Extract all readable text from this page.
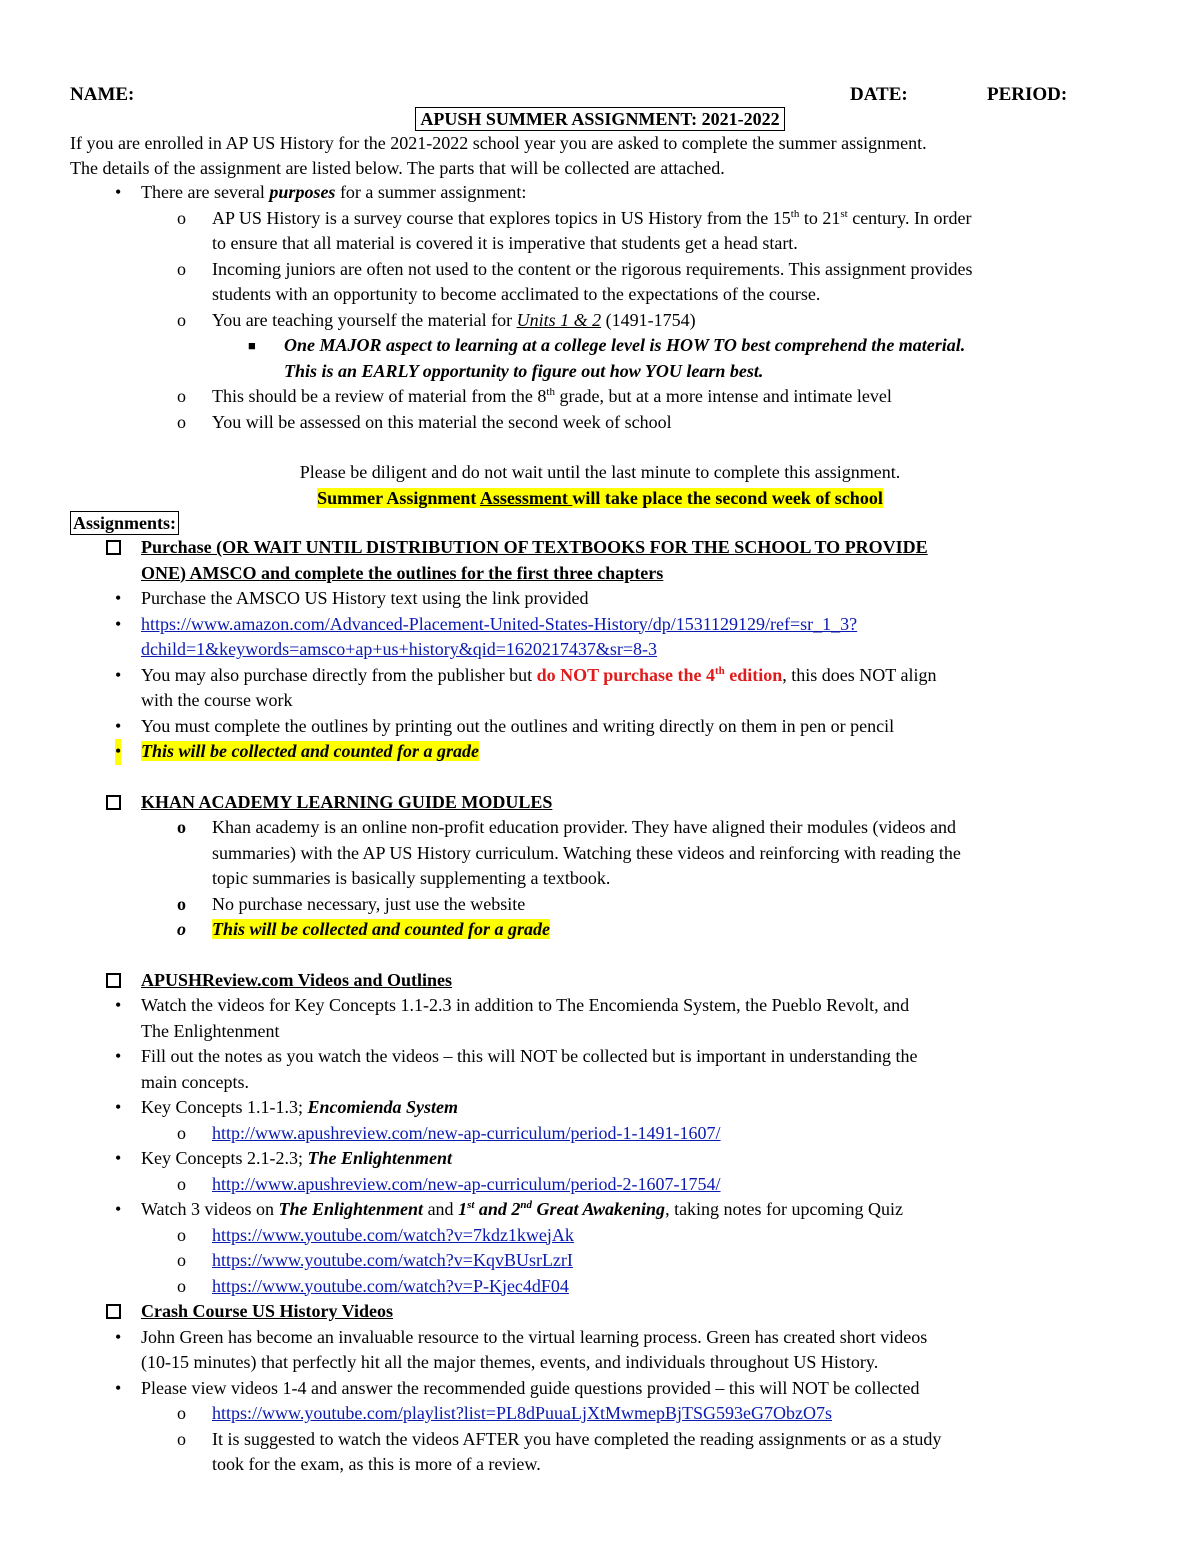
NAME:	DATE:	PERIOD:
APUSH SUMMER ASSIGNMENT: 2021-2022

If you are enrolled in AP US History for the 2021-2022 school year you are asked to complete the summer assignment.

The details of the assignment are listed below. The parts that will be collected are attached.

•
There are several purposes for a summer assignment:
o
AP US History is a survey course that explores topics in US History from the 15th to 21st century. In order
to ensure that all material is covered it is imperative that students get a head start.
o
Incoming juniors are often not used to the content or the rigorous requirements. This assignment provides
students with an opportunity to become acclimated to the expectations of the course.
o
You are teaching yourself the material for Units 1 & 2 (1491-1754)
■ One MAJOR aspect to learning at a college level is HOW TO best comprehend the material.
This is an EARLY opportunity to figure out how YOU learn best.
o
This should be a review of material from the 8th grade, but at a more intense and intimate level
o
You will be assessed on this material the second week of school
Please be diligent and do not wait until the last minute to complete this assignment.
Summer Assignment Assessment will take place the second week of school
Assignments:
Purchase (OR WAIT UNTIL DISTRIBUTION OF TEXTBOOKS FOR THE SCHOOL TO PROVIDE
ONE) AMSCO and complete the outlines for the first three chapters
•
Purchase the AMSCO US History text using the link provided
•
https://www.amazon.com/Advanced-Placement-United-States-History/dp/1531129129/ref=sr_1_3?
dchild=1&keywords=amsco+ap+us+history&qid=1620217437&sr=8-3
•
You may also purchase directly from the publisher but do NOT purchase the 4th edition, this does NOT align
with the course work
•
You must complete the outlines by printing out the outlines and writing directly on them in pen or pencil
•
This will be collected and counted for a grade
KHAN ACADEMY LEARNING GUIDE MODULES
o
Khan academy is an online non-profit education provider. They have aligned their modules (videos and
summaries) with the AP US History curriculum. Watching these videos and reinforcing with reading the
topic summaries is basically supplementing a textbook.
o
No purchase necessary, just use the website
o
This will be collected and counted for a grade
APUSHReview.com Videos and Outlines
•
Watch the videos for Key Concepts 1.1-2.3 in addition to The Encomienda System, the Pueblo Revolt, and
The Enlightenment
•
Fill out the notes as you watch the videos – this will NOT be collected but is important in understanding the
main concepts.
•
Key Concepts 1.1-1.3; Encomienda System
o
http://www.apushreview.com/new-ap-curriculum/period-1-1491-1607/
•
Key Concepts 2.1-2.3; The Enlightenment
o
http://www.apushreview.com/new-ap-curriculum/period-2-1607-1754/
•
Watch 3 videos on The Enlightenment and 1st and 2nd Great Awakening, taking notes for upcoming Quiz
o
https://www.youtube.com/watch?v=7kdz1kwejAk
o
https://www.youtube.com/watch?v=KqvBUsrLzrI
o
https://www.youtube.com/watch?v=P-Kjec4dF04
Crash Course US History Videos
•
John Green has become an invaluable resource to the virtual learning process. Green has created short videos
(10-15 minutes) that perfectly hit all the major themes, events, and individuals throughout US History.
•
Please view videos 1-4 and answer the recommended guide questions provided – this will NOT be collected
o
https://www.youtube.com/playlist?list=PL8dPuuaLjXtMwmepBjTSG593eG7ObzO7s
o
It is suggested to watch the videos AFTER you have completed the reading assignments or as a study
took for the exam, as this is more of a review.
